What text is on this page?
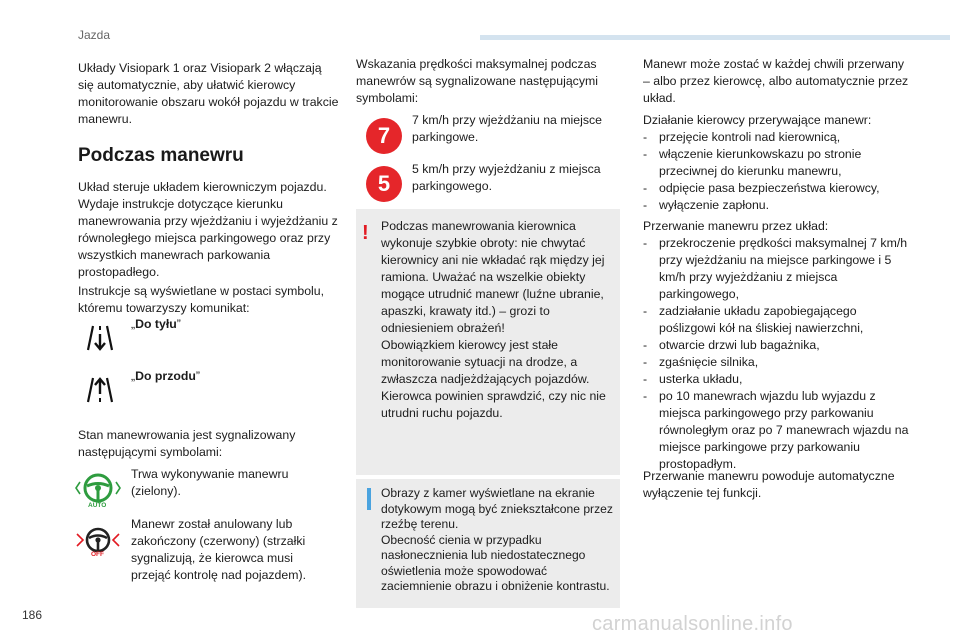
Jazda

Układy Visiopark 1 oraz Visiopark 2 włączają się automatycznie, aby ułatwić kierowcy monitorowanie obszaru wokół pojazdu w trakcie manewru.

Podczas manewru

Układ steruje układem kierowniczym pojazdu. Wydaje instrukcje dotyczące kierunku manewrowania przy wjeżdżaniu i wyjeżdżaniu z równoległego miejsca parkingowego oraz przy wszystkich manewrach parkowania prostopadłego.

Instrukcje są wyświetlane w postaci symbolu, któremu towarzyszy komunikat:

„Do tyłu”
„Do przodu”

Stan manewrowania jest sygnalizowany następującymi symbolami:

AUTO

Trwa wykonywanie manewru (zielony).

OFF

Manewr został anulowany lub zakończony (czerwony) (strzałki sygnalizują, że kierowca musi przejąć kontrolę nad pojazdem).

Wskazania prędkości maksymalnej podczas manewrów są sygnalizowane następującymi symbolami:

7

7 km/h przy wjeżdżaniu na miejsce parkingowe.

5

5 km/h przy wyjeżdżaniu z miejsca parkingowego.

! Podczas manewrowania kierownica wykonuje szybkie obroty: nie chwytać kierownicy ani nie wkładać rąk między jej ramiona. Uważać na wszelkie obiekty mogące utrudnić manewr (luźne ubranie, apaszki, krawaty itd.) – grozi to odniesieniem obrażeń!

Obowiązkiem kierowcy jest stałe monitorowanie sytuacji na drodze, a zwłaszcza nadjeżdżających pojazdów. Kierowca powinien sprawdzić, czy nic nie utrudni ruchu pojazdu.

Obrazy z kamer wyświetlane na ekranie dotykowym mogą być zniekształcone przez rzeźbę terenu.

Obecność cienia w przypadku nasłonecznienia lub niedostatecznego oświetlenia może spowodować zaciemnienie obrazu i obniżenie kontrastu.

Manewr może zostać w każdej chwili przerwany – albo przez kierowcę, albo automatycznie przez układ.

Działanie kierowcy przerywające manewr:

- przejęcie kontroli nad kierownicą,
- włączenie kierunkowskazu po stronie przeciwnej do kierunku manewru,
- odpięcie pasa bezpieczeństwa kierowcy,
- wyłączenie zapłonu.

Przerwanie manewru przez układ:

- przekroczenie prędkości maksymalnej 7 km/h przy wjeżdżaniu na miejsce parkingowe i 5 km/h przy wyjeżdżaniu z miejsca parkingowego,
- zadziałanie układu zapobiegającego poślizgowi kół na śliskiej nawierzchni,
- otwarcie drzwi lub bagażnika,
- zgaśnięcie silnika,
- usterka układu,
- po 10 manewrach wjazdu lub wyjazdu z miejsca parkingowego przy parkowaniu równoległym oraz po 7 manewrach wjazdu na miejsce parkingowe przy parkowaniu prostopadłym.

Przerwanie manewru powoduje automatyczne wyłączenie tej funkcji.

186	carmanualsonline.info
